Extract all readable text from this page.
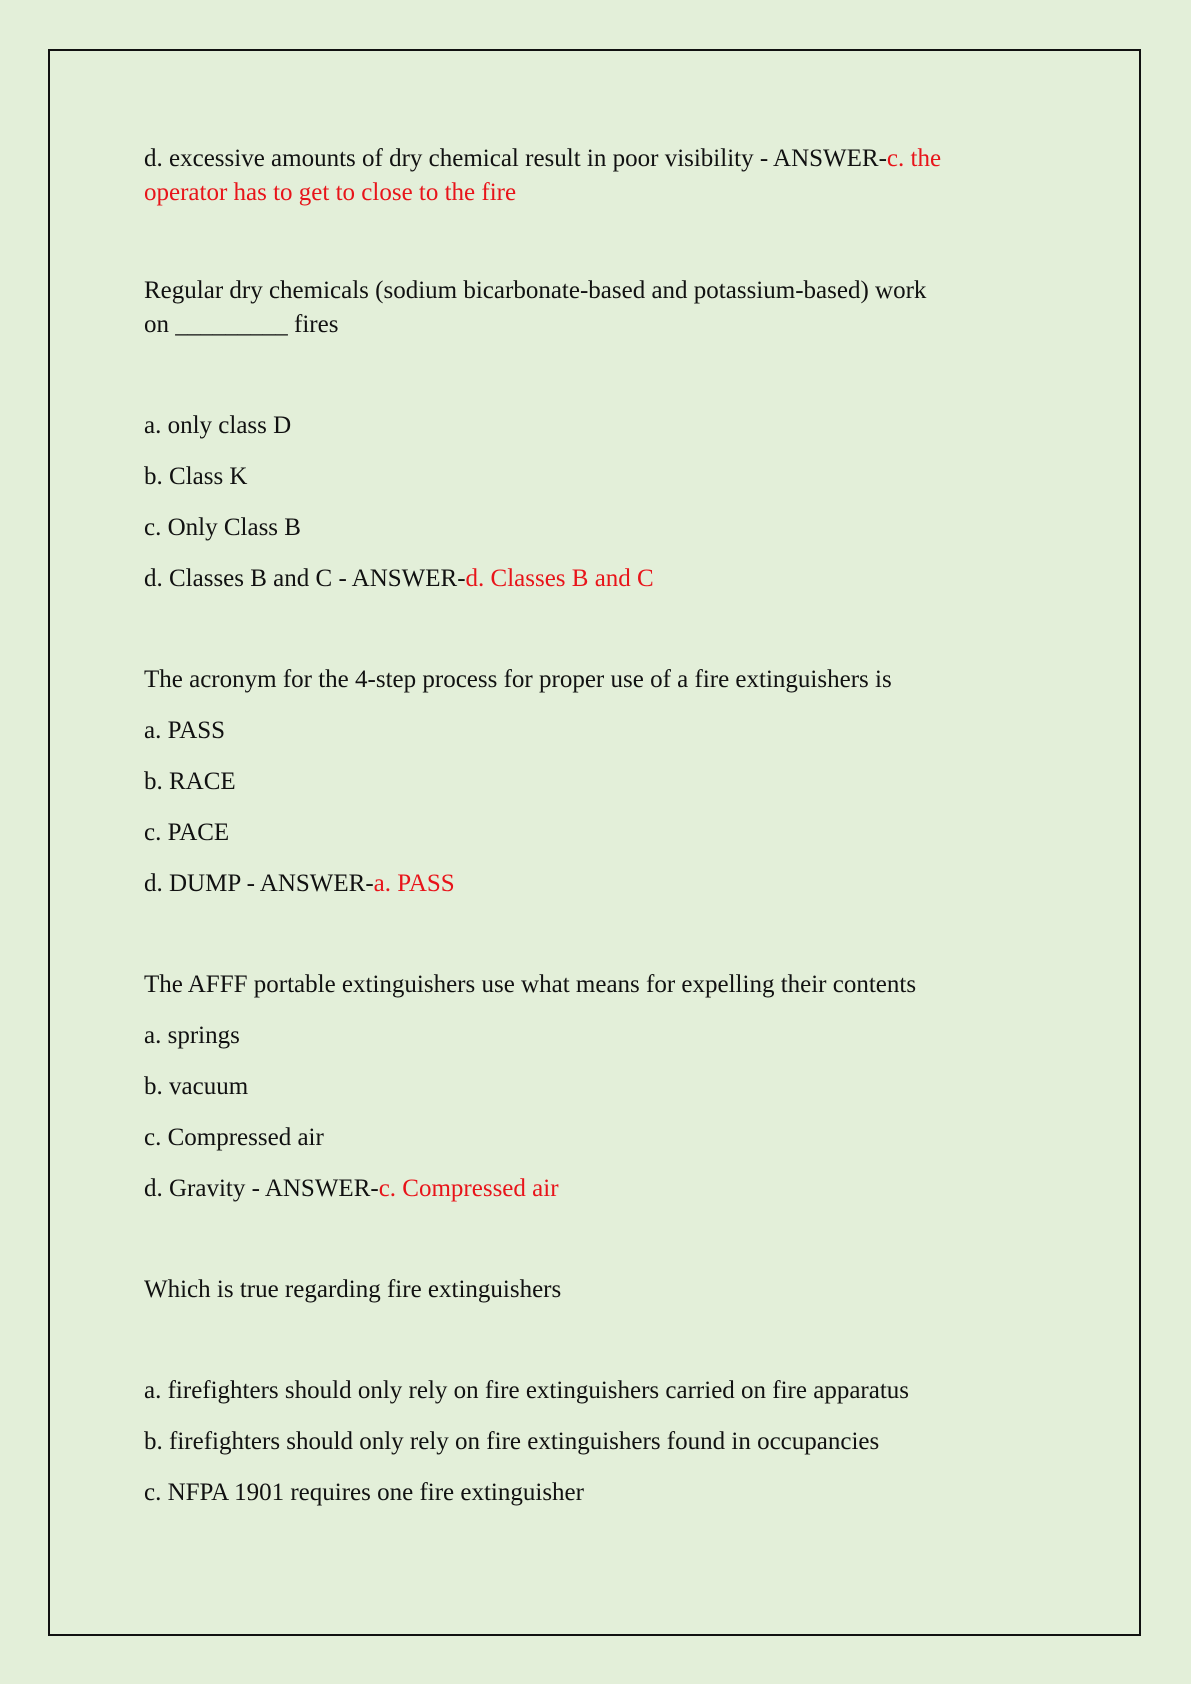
d. excessive amounts of dry chemical result in poor visibility - ANSWER-c. the

operator has to get to close to the fire

Regular dry chemicals (sodium bicarbonate-based and potassium-based) work

on _________ fires

a. only class D

b. Class K

c. Only Class B

d. Classes B and C - ANSWER-d. Classes B and C

The acronym for the 4-step process for proper use of a fire extinguishers is

a. PASS

b. RACE

c. PACE

d. DUMP - ANSWER-a. PASS

The AFFF portable extinguishers use what means for expelling their contents

a. springs

b. vacuum

c. Compressed air

d. Gravity - ANSWER-c. Compressed air

Which is true regarding fire extinguishers

a. firefighters should only rely on fire extinguishers carried on fire apparatus

b. firefighters should only rely on fire extinguishers found in occupancies

c. NFPA 1901 requires one fire extinguisher
